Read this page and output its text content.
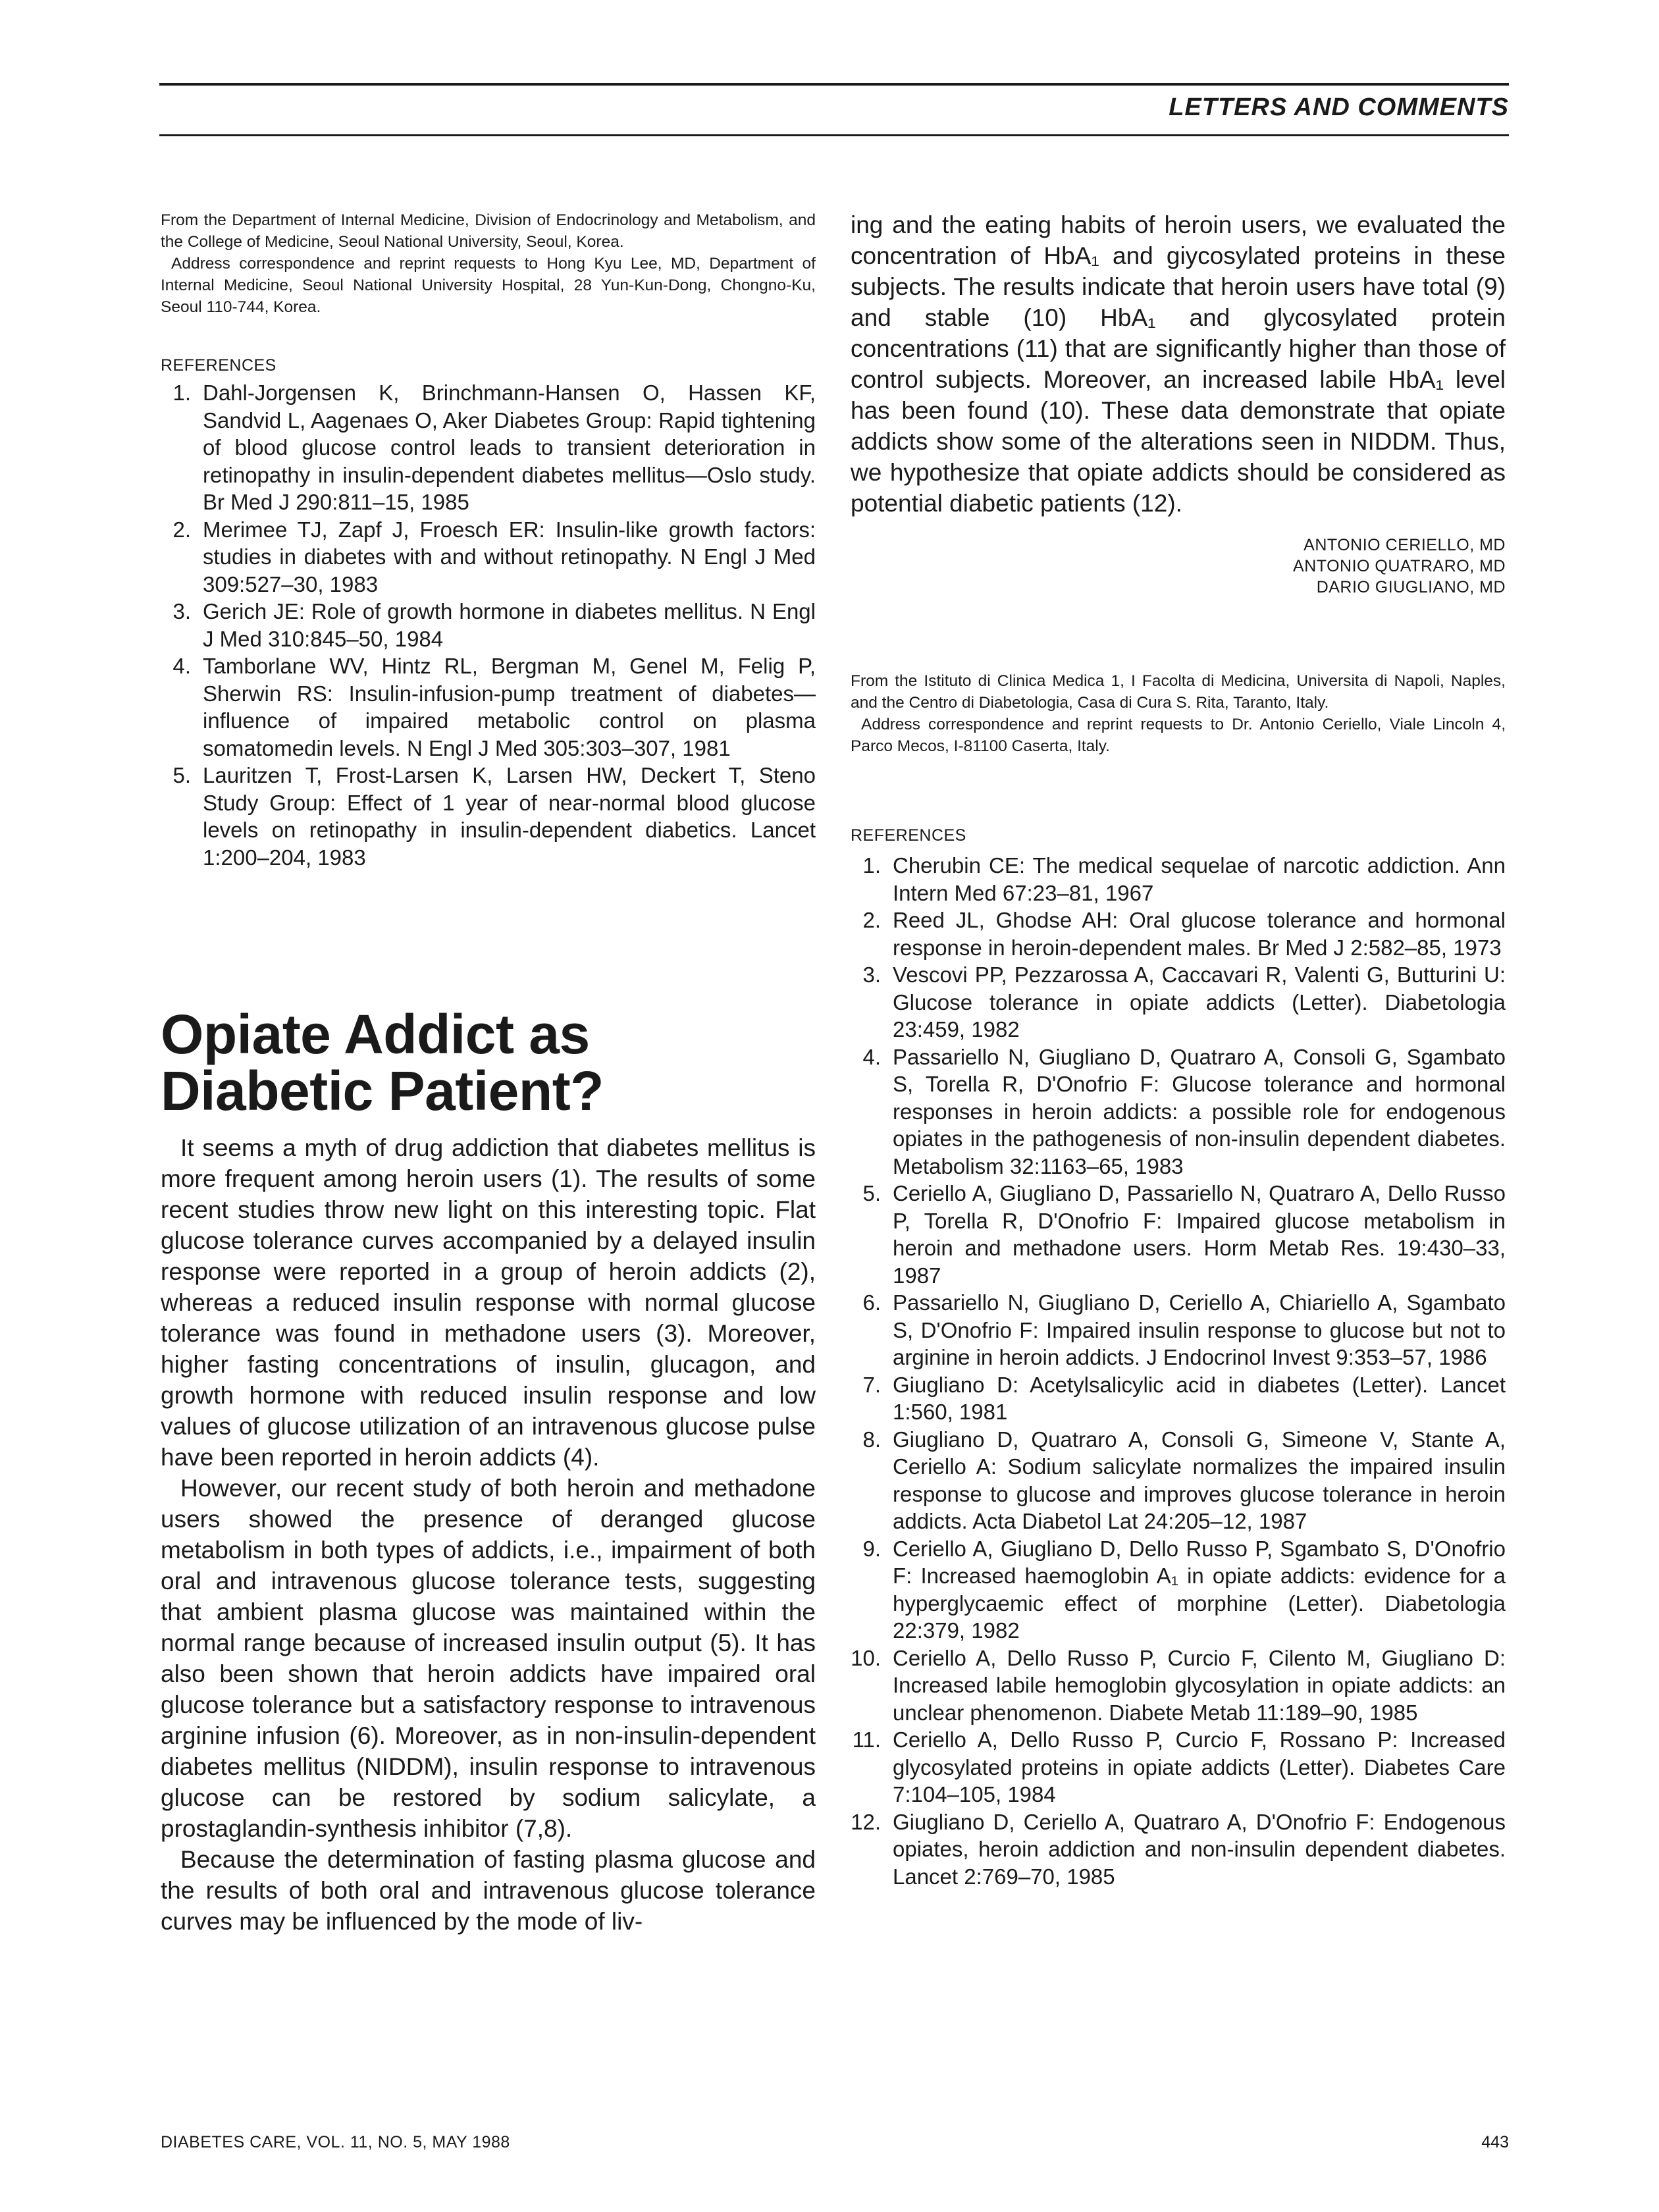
LETTERS AND COMMENTS

From the Department of Internal Medicine, Division of Endocrinology and Metabolism, and the College of Medicine, Seoul National University, Seoul, Korea.

Address correspondence and reprint requests to Hong Kyu Lee, MD, Department of Internal Medicine, Seoul National University Hospital, 28 Yun-Kun-Dong, Chongno-Ku, Seoul 110-744, Korea.

REFERENCES

1. Dahl-Jorgensen K, Brinchmann-Hansen O, Hassen KF, Sandvid L, Aagenaes O, Aker Diabetes Group: Rapid tightening of blood glucose control leads to transient deterioration in retinopathy in insulin-dependent diabetes mellitus—Oslo study. Br Med J 290:811–15, 1985
2. Merimee TJ, Zapf J, Froesch ER: Insulin-like growth factors: studies in diabetes with and without retinopathy. N Engl J Med 309:527–30, 1983
3. Gerich JE: Role of growth hormone in diabetes mellitus. N Engl J Med 310:845–50, 1984
4. Tamborlane WV, Hintz RL, Bergman M, Genel M, Felig P, Sherwin RS: Insulin-infusion-pump treatment of diabetes—influence of impaired metabolic control on plasma somatomedin levels. N Engl J Med 305:303–307, 1981
5. Lauritzen T, Frost-Larsen K, Larsen HW, Deckert T, Steno Study Group: Effect of 1 year of near-normal blood glucose levels on retinopathy in insulin-dependent diabetics. Lancet 1:200–204, 1983
Opiate Addict as
Diabetic Patient?

It seems a myth of drug addiction that diabetes mellitus is more frequent among heroin users (1). The results of some recent studies throw new light on this interesting topic. Flat glucose tolerance curves accompanied by a delayed insulin response were reported in a group of heroin addicts (2), whereas a reduced insulin response with normal glucose tolerance was found in methadone users (3). Moreover, higher fasting concentrations of insulin, glucagon, and growth hormone with reduced insulin response and low values of glucose utilization of an intravenous glucose pulse have been reported in heroin addicts (4).

However, our recent study of both heroin and methadone users showed the presence of deranged glucose metabolism in both types of addicts, i.e., impairment of both oral and intravenous glucose tolerance tests, suggesting that ambient plasma glucose was maintained within the normal range because of increased insulin output (5). It has also been shown that heroin addicts have impaired oral glucose tolerance but a satisfactory response to intravenous arginine infusion (6). Moreover, as in non-insulin-dependent diabetes mellitus (NIDDM), insulin response to intravenous glucose can be restored by sodium salicylate, a prostaglandin-synthesis inhibitor (7,8).

Because the determination of fasting plasma glucose and the results of both oral and intravenous glucose tolerance curves may be influenced by the mode of liv-

ing and the eating habits of heroin users, we evaluated the concentration of HbA₁ and giycosylated proteins in these subjects. The results indicate that heroin users have total (9) and stable (10) HbA₁ and glycosylated protein concentrations (11) that are significantly higher than those of control subjects. Moreover, an increased labile HbA₁ level has been found (10). These data demonstrate that opiate addicts show some of the alterations seen in NIDDM. Thus, we hypothesize that opiate addicts should be considered as potential diabetic patients (12).

ANTONIO CERIELLO, MD
ANTONIO QUATRARO, MD
DARIO GIUGLIANO, MD

From the Istituto di Clinica Medica 1, I Facolta di Medicina, Universita di Napoli, Naples, and the Centro di Diabetologia, Casa di Cura S. Rita, Taranto, Italy.

Address correspondence and reprint requests to Dr. Antonio Ceriello, Viale Lincoln 4, Parco Mecos, I-81100 Caserta, Italy.

REFERENCES

1. Cherubin CE: The medical sequelae of narcotic addiction. Ann Intern Med 67:23–81, 1967
2. Reed JL, Ghodse AH: Oral glucose tolerance and hormonal response in heroin-dependent males. Br Med J 2:582–85, 1973
3. Vescovi PP, Pezzarossa A, Caccavari R, Valenti G, Butturini U: Glucose tolerance in opiate addicts (Letter). Diabetologia 23:459, 1982
4. Passariello N, Giugliano D, Quatraro A, Consoli G, Sgambato S, Torella R, D'Onofrio F: Glucose tolerance and hormonal responses in heroin addicts: a possible role for endogenous opiates in the pathogenesis of non-insulin dependent diabetes. Metabolism 32:1163–65, 1983
5. Ceriello A, Giugliano D, Passariello N, Quatraro A, Dello Russo P, Torella R, D'Onofrio F: Impaired glucose metabolism in heroin and methadone users. Horm Metab Res. 19:430–33, 1987
6. Passariello N, Giugliano D, Ceriello A, Chiariello A, Sgambato S, D'Onofrio F: Impaired insulin response to glucose but not to arginine in heroin addicts. J Endocrinol Invest 9:353–57, 1986
7. Giugliano D: Acetylsalicylic acid in diabetes (Letter). Lancet 1:560, 1981
8. Giugliano D, Quatraro A, Consoli G, Simeone V, Stante A, Ceriello A: Sodium salicylate normalizes the impaired insulin response to glucose and improves glucose tolerance in heroin addicts. Acta Diabetol Lat 24:205–12, 1987
9. Ceriello A, Giugliano D, Dello Russo P, Sgambato S, D'Onofrio F: Increased haemoglobin A₁ in opiate addicts: evidence for a hyperglycaemic effect of morphine (Letter). Diabetologia 22:379, 1982
10. Ceriello A, Dello Russo P, Curcio F, Cilento M, Giugliano D: Increased labile hemoglobin glycosylation in opiate addicts: an unclear phenomenon. Diabete Metab 11:189–90, 1985
11. Ceriello A, Dello Russo P, Curcio F, Rossano P: Increased glycosylated proteins in opiate addicts (Letter). Diabetes Care 7:104–105, 1984
12. Giugliano D, Ceriello A, Quatraro A, D'Onofrio F: Endogenous opiates, heroin addiction and non-insulin dependent diabetes. Lancet 2:769–70, 1985
DIABETES CARE, VOL. 11, NO. 5, MAY 1988	443
